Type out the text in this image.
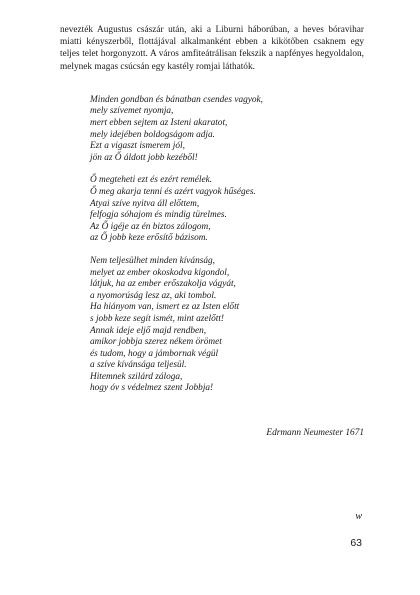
nevezték Augustus császár után, aki a Liburni háborúban, a heves bóravihar miatti kényszerből, flottájával alkalmanként ebben a kikötőben csaknem egy teljes telet horgonyzott. A város amfiteátrálisan fekszik a napfényes hegyoldalon, melynek magas csúcsán egy kastély romjai láthatók.

Minden gondban és bánatban csendes vagyok,
mely szívemet nyomja,
mert ebben sejtem az Isteni akaratot,
mely idejében boldogságom adja.
Ezt a vigaszt ismerem jól,
jön az Ő áldott jobb kezéből!
Ő megteheti ezt és ezért remélek.
Ő meg akarja tenni és azért vagyok hűséges.
Atyai szíve nyitva áll előttem,
felfogja sóhajom és mindig türelmes.
Az Ő igéje az én biztos zálogom,
az Ő jobb keze erősítő bázisom.
Nem teljesülhet minden kívánság,
melyet az ember okoskodva kigondol,
látjuk, ha az ember erőszakolja vágyát,
a nyomorúság lesz az, aki tombol.
Ha hiányom van, ismert ez az Isten előtt
s jobb keze segít ismét, mint azelőtt!
Annak ideje eljő majd rendben,
amikor jobbja szerez nékem örömet
és tudom, hogy a jámbornak végül
a szíve kívánsága teljesül.
Hitemnek szilárd záloga,
hogy óv s védelmez szent Jobbja!
Edrmann Neumester 1671
w
63
